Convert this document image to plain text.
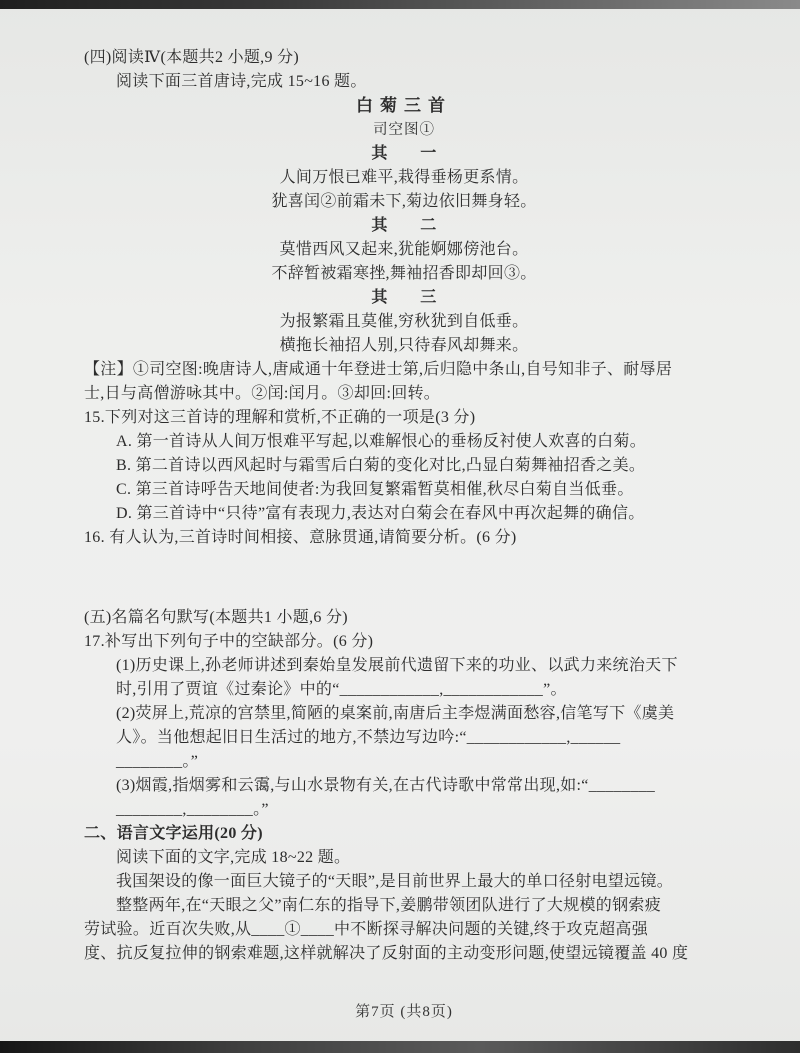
(四)阅读Ⅳ(本题共2 小题,9 分)
阅读下面三首唐诗,完成 15~16 题。
白菊三首
司空图①
其　　一
人间万恨已难平,栽得垂杨更系情。
犹喜闰②前霜未下,菊边依旧舞身轻。
其　　二
莫惜西风又起来,犹能婀娜傍池台。
不辞暂被霜寒挫,舞袖招香即却回③。
其　　三
为报繁霜且莫催,穷秋犹到自低垂。
横拖长袖招人别,只待春风却舞来。
【注】①司空图:晚唐诗人,唐咸通十年登进士第,后归隐中条山,自号知非子、耐辱居
士,日与高僧游咏其中。②闰:闰月。③却回:回转。
15.下列对这三首诗的理解和赏析,不正确的一项是(3 分)
A. 第一首诗从人间万恨难平写起,以难解恨心的垂杨反衬使人欢喜的白菊。
B. 第二首诗以西风起时与霜雪后白菊的变化对比,凸显白菊舞袖招香之美。
C. 第三首诗呼告天地间使者:为我回复繁霜暂莫相催,秋尽白菊自当低垂。
D. 第三首诗中“只待”富有表现力,表达对白菊会在春风中再次起舞的确信。
16. 有人认为,三首诗时间相接、意脉贯通,请简要分析。(6 分)
(五)名篇名句默写(本题共1 小题,6 分)
17.补写出下列句子中的空缺部分。(6 分)
(1)历史课上,孙老师讲述到秦始皇发展前代遗留下来的功业、以武力来统治天下
时,引用了贾谊《过秦论》中的“____________,____________”。
(2)荧屏上,荒凉的宫禁里,简陋的桌案前,南唐后主李煜满面愁容,信笔写下《虞美
人》。当他想起旧日生活过的地方,不禁边写边吟:“____________,______
________。”
(3)烟霞,指烟雾和云霭,与山水景物有关,在古代诗歌中常常出现,如:“________
________,________。”
二、语言文字运用(20 分)
阅读下面的文字,完成 18~22 题。
我国架设的像一面巨大镜子的“天眼”,是目前世界上最大的单口径射电望远镜。
整整两年,在“天眼之父”南仁东的指导下,姜鹏带领团队进行了大规模的钢索疲
劳试验。近百次失败,从____①____中不断探寻解决问题的关键,终于攻克超高强
度、抗反复拉伸的钢索难题,这样就解决了反射面的主动变形问题,使望远镜覆盖 40 度
第7页 (共8页)
